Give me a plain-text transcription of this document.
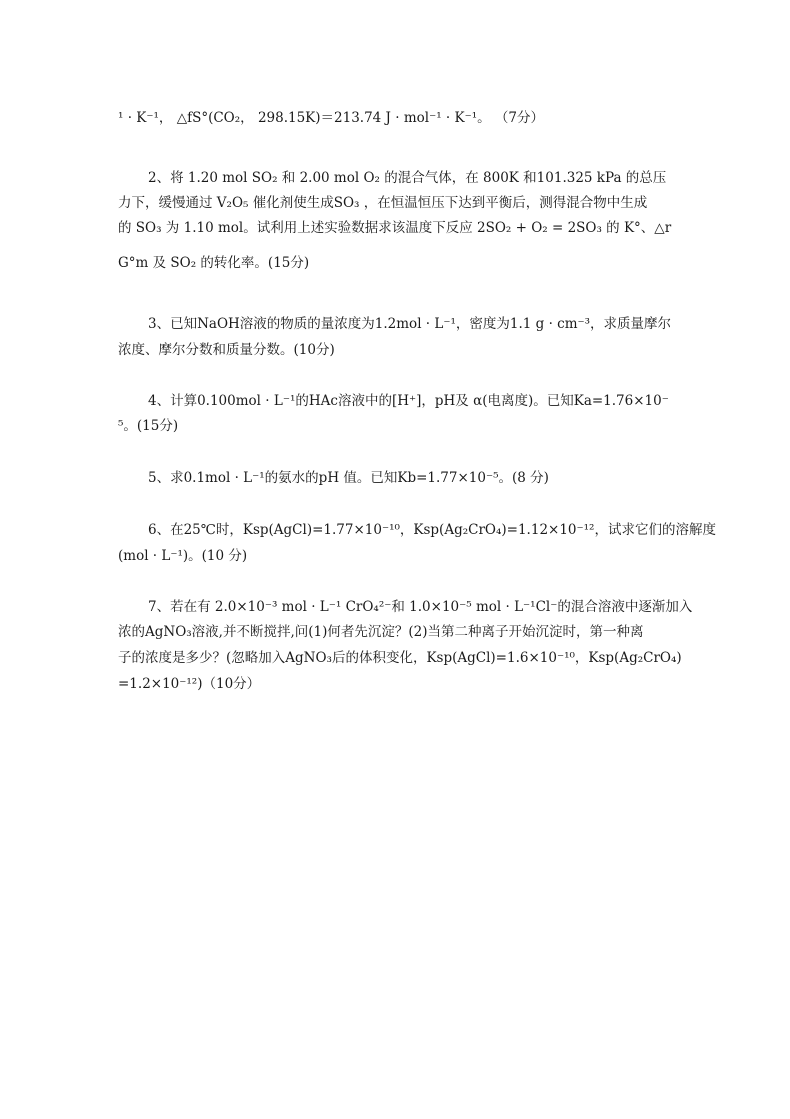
¹ · K⁻¹， △fS°(CO₂， 298.15K)＝213.74 J · mol⁻¹ · K⁻¹。 （7分）
2、将 1.20 mol SO₂ 和 2.00 mol O₂ 的混合气体，在 800K 和101.325 kPa 的总压
力下，缓慢通过 V₂O₅ 催化剂使生成SO₃ ，在恒温恒压下达到平衡后，测得混合物中生成
的 SO₃ 为 1.10 mol。试利用上述实验数据求该温度下反应 2SO₂ + O₂ = 2SO₃ 的 K°、△r
G°m 及 SO₂ 的转化率。(15分)
3、已知NaOH溶液的物质的量浓度为1.2mol · L⁻¹，密度为1.1 g · cm⁻³，求质量摩尔
浓度、摩尔分数和质量分数。(10分)
4、计算0.100mol · L⁻¹的HAc溶液中的[H⁺]，pH及 α(电离度)。已知Ka=1.76×10⁻
⁵。(15分)
5、求0.1mol · L⁻¹的氨水的pH 值。已知Kb=1.77×10⁻⁵。(8 分)
6、在25℃时，Ksp(AgCl)=1.77×10⁻¹⁰，Ksp(Ag₂CrO₄)=1.12×10⁻¹²，试求它们的溶解度
(mol · L⁻¹)。(10 分)
7、若在有 2.0×10⁻³ mol · L⁻¹ CrO₄²⁻和 1.0×10⁻⁵ mol · L⁻¹Cl⁻的混合溶液中逐渐加入
浓的AgNO₃溶液,并不断搅拌,问(1)何者先沉淀？(2)当第二种离子开始沉淀时，第一种离
子的浓度是多少？(忽略加入AgNO₃后的体积变化，Ksp(AgCl)=1.6×10⁻¹⁰，Ksp(Ag₂CrO₄)
=1.2×10⁻¹²)（10分）
